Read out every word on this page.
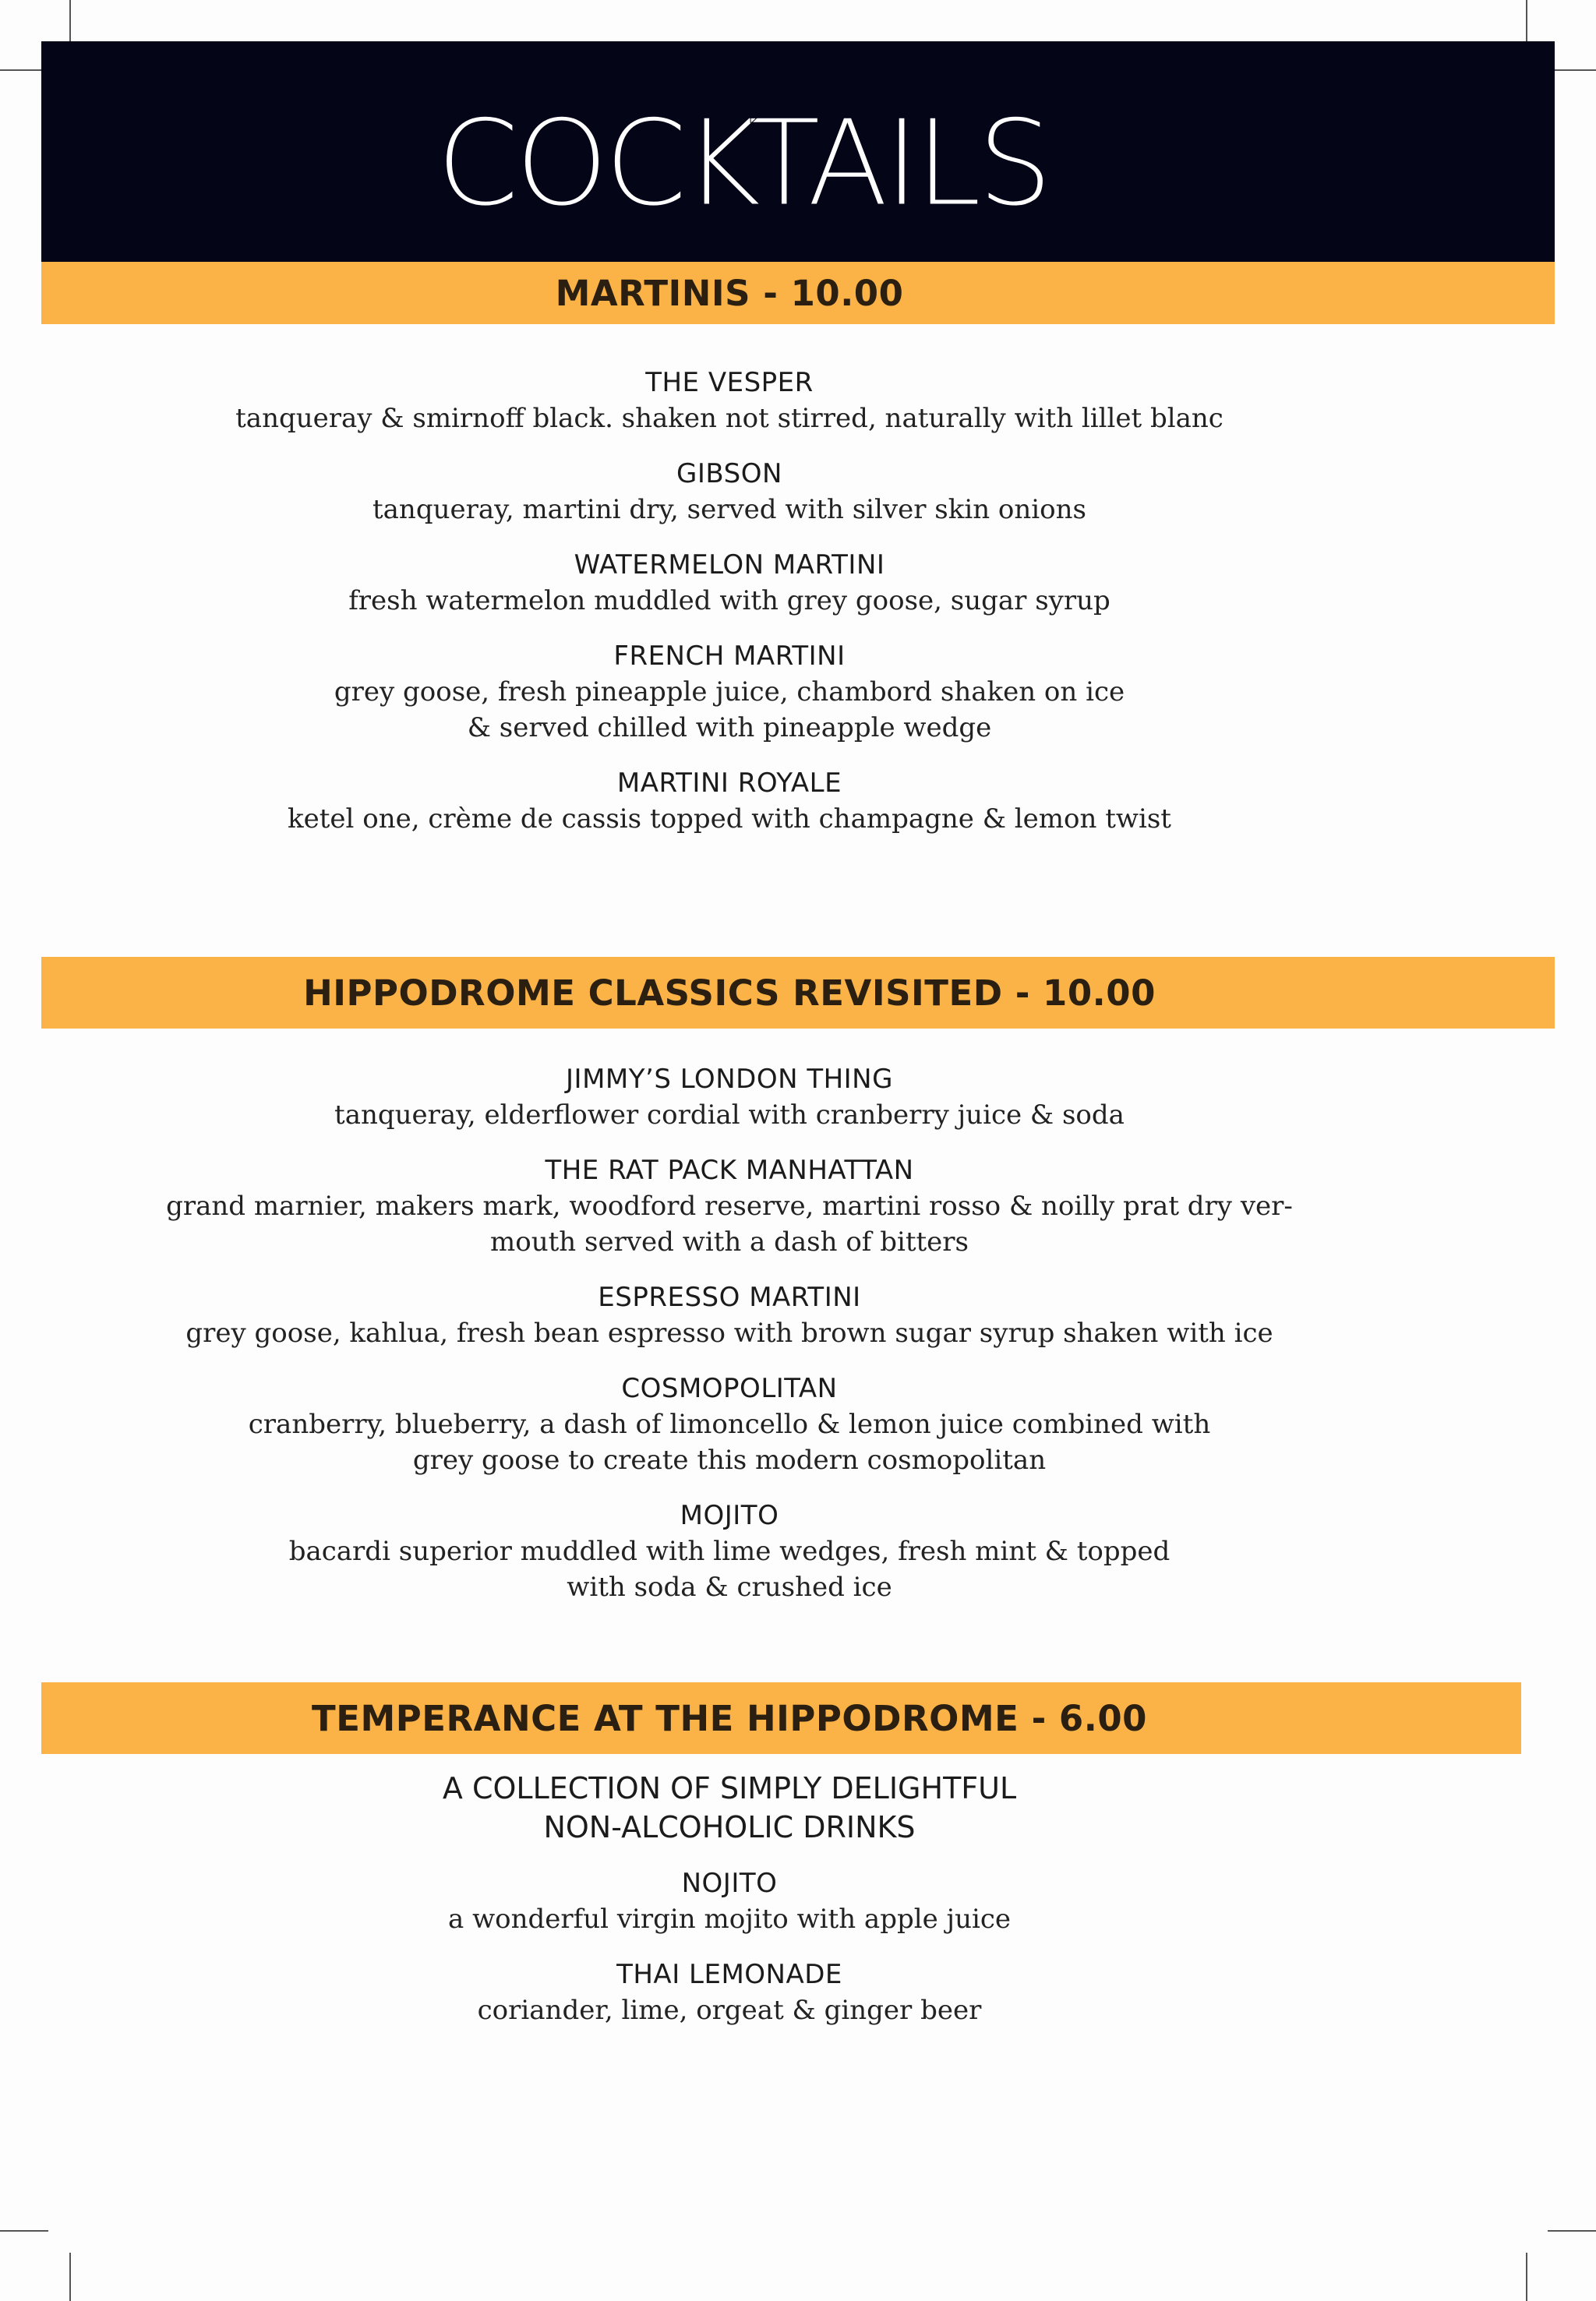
COCKTAILS
MARTINIS - 10.00
THE VESPER
tanqueray & smirnoff black. shaken not stirred, naturally with lillet blanc
GIBSON
tanqueray, martini dry, served with silver skin onions
WATERMELON MARTINI
fresh watermelon muddled with grey goose, sugar syrup
FRENCH MARTINI
grey goose, fresh pineapple juice, chambord shaken on ice
& served chilled with pineapple wedge
MARTINI ROYALE
ketel one, crème de cassis topped with champagne & lemon twist
HIPPODROME CLASSICS REVISITED - 10.00
JIMMY’S LONDON THING
tanqueray, elderflower cordial with cranberry juice & soda
THE RAT PACK MANHATTAN
grand marnier, makers mark, woodford reserve, martini rosso & noilly prat dry ver-
mouth served with a dash of bitters
ESPRESSO MARTINI
grey goose, kahlua, fresh bean espresso with brown sugar syrup shaken with ice
COSMOPOLITAN
cranberry, blueberry, a dash of limoncello & lemon juice combined with
grey goose to create this modern cosmopolitan
MOJITO
bacardi superior muddled with lime wedges, fresh mint & topped
with soda & crushed ice
TEMPERANCE AT THE HIPPODROME - 6.00
A COLLECTION OF SIMPLY DELIGHTFUL
NON-ALCOHOLIC DRINKS
NOJITO
a wonderful virgin mojito with apple juice
THAI LEMONADE
coriander, lime, orgeat & ginger beer
